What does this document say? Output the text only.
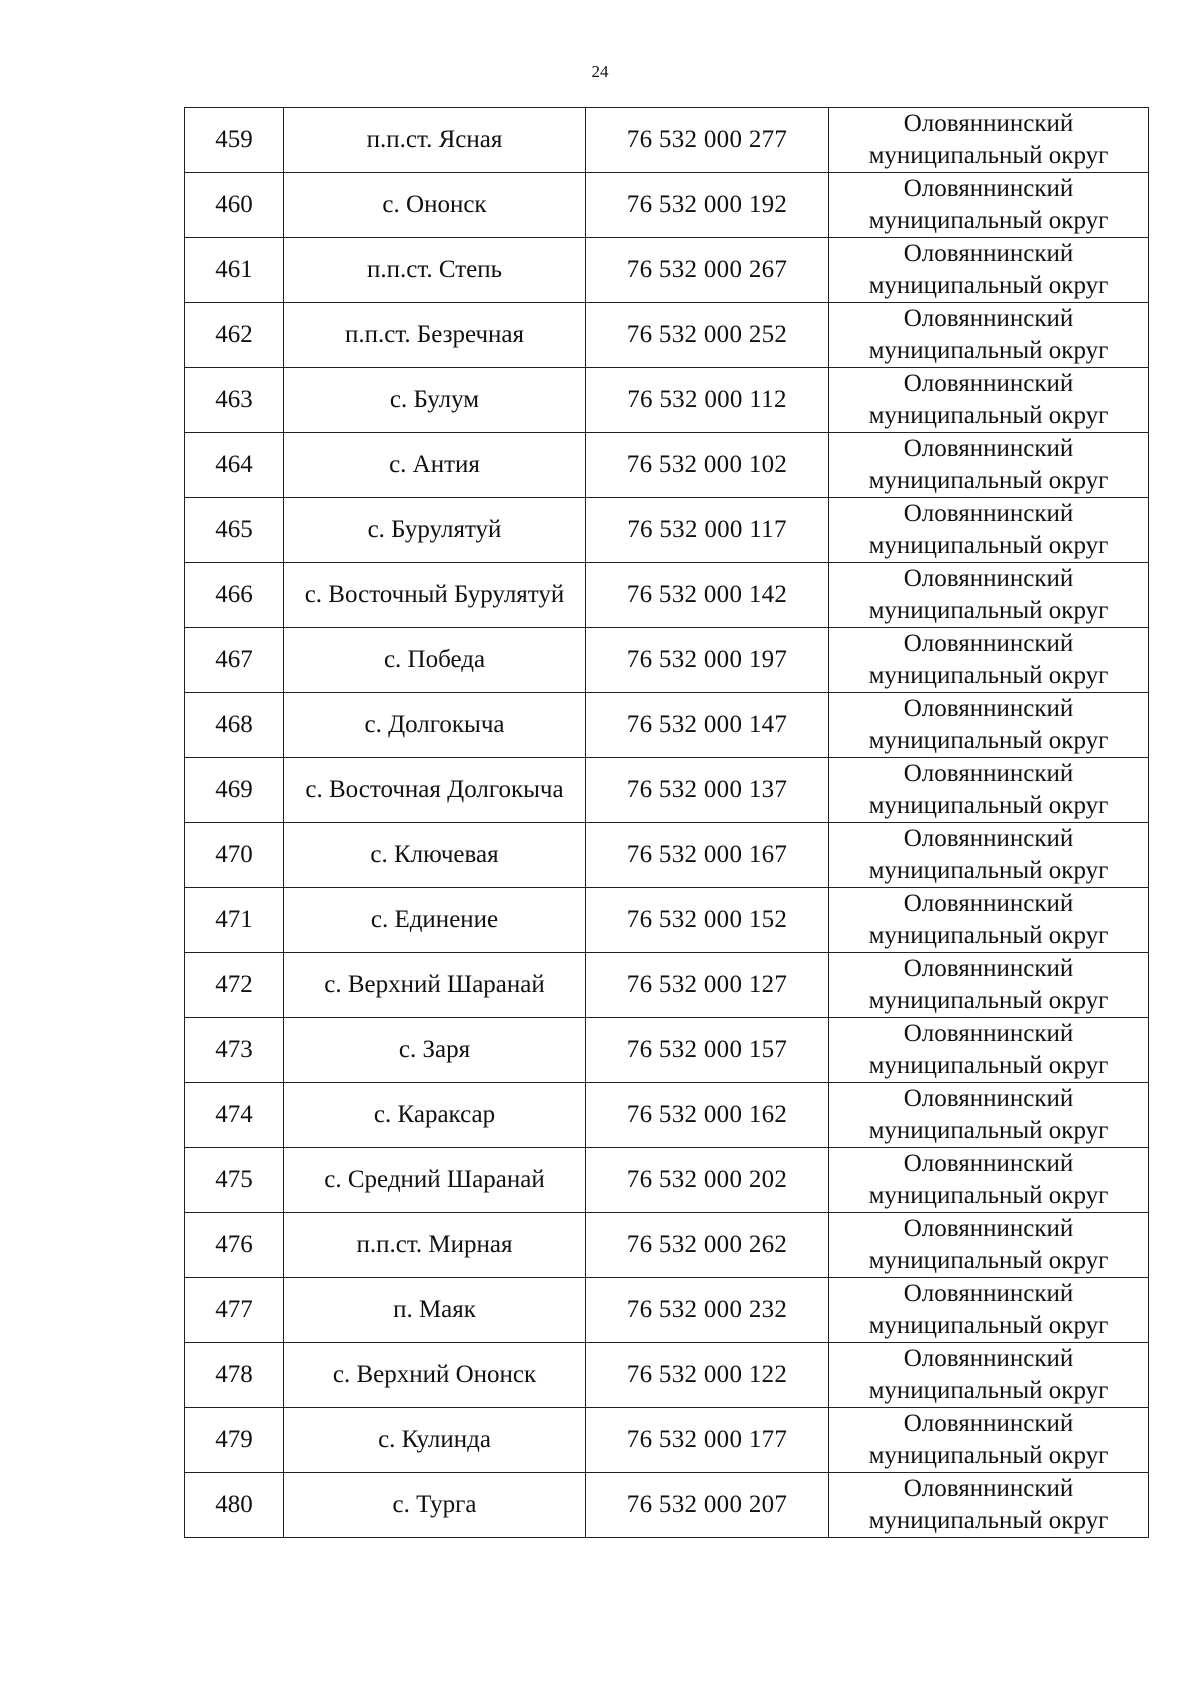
24
459	п.п.ст. Ясная	76 532 000 277	Оловяннинский
муниципальный округ

460	с. Ононск	76 532 000 192	Оловяннинский
муниципальный округ

461	п.п.ст. Степь	76 532 000 267	Оловяннинский
муниципальный округ

462	п.п.ст. Безречная	76 532 000 252	Оловяннинский
муниципальный округ

463	с. Булум	76 532 000 112	Оловяннинский
муниципальный округ

464	с. Антия	76 532 000 102	Оловяннинский
муниципальный округ

465	с. Бурулятуй	76 532 000 117	Оловяннинский
муниципальный округ

466	с. Восточный Бурулятуй	76 532 000 142	Оловяннинский
муниципальный округ

467	с. Победа	76 532 000 197	Оловяннинский
муниципальный округ

468	с. Долгокыча	76 532 000 147	Оловяннинский
муниципальный округ

469	с. Восточная Долгокыча	76 532 000 137	Оловяннинский
муниципальный округ

470	с. Ключевая	76 532 000 167	Оловяннинский
муниципальный округ

471	с. Единение	76 532 000 152	Оловяннинский
муниципальный округ

472	с. Верхний Шаранай	76 532 000 127	Оловяннинский
муниципальный округ

473	с. Заря	76 532 000 157	Оловяннинский
муниципальный округ

474	с. Караксар	76 532 000 162	Оловяннинский
муниципальный округ

475	с. Средний Шаранай	76 532 000 202	Оловяннинский
муниципальный округ

476	п.п.ст. Мирная	76 532 000 262	Оловяннинский
муниципальный округ

477	п. Маяк	76 532 000 232	Оловяннинский
муниципальный округ

478	с. Верхний Ононск	76 532 000 122	Оловяннинский
муниципальный округ

479	с. Кулинда	76 532 000 177	Оловяннинский
муниципальный округ

480	с. Турга	76 532 000 207	Оловяннинский
муниципальный округ
